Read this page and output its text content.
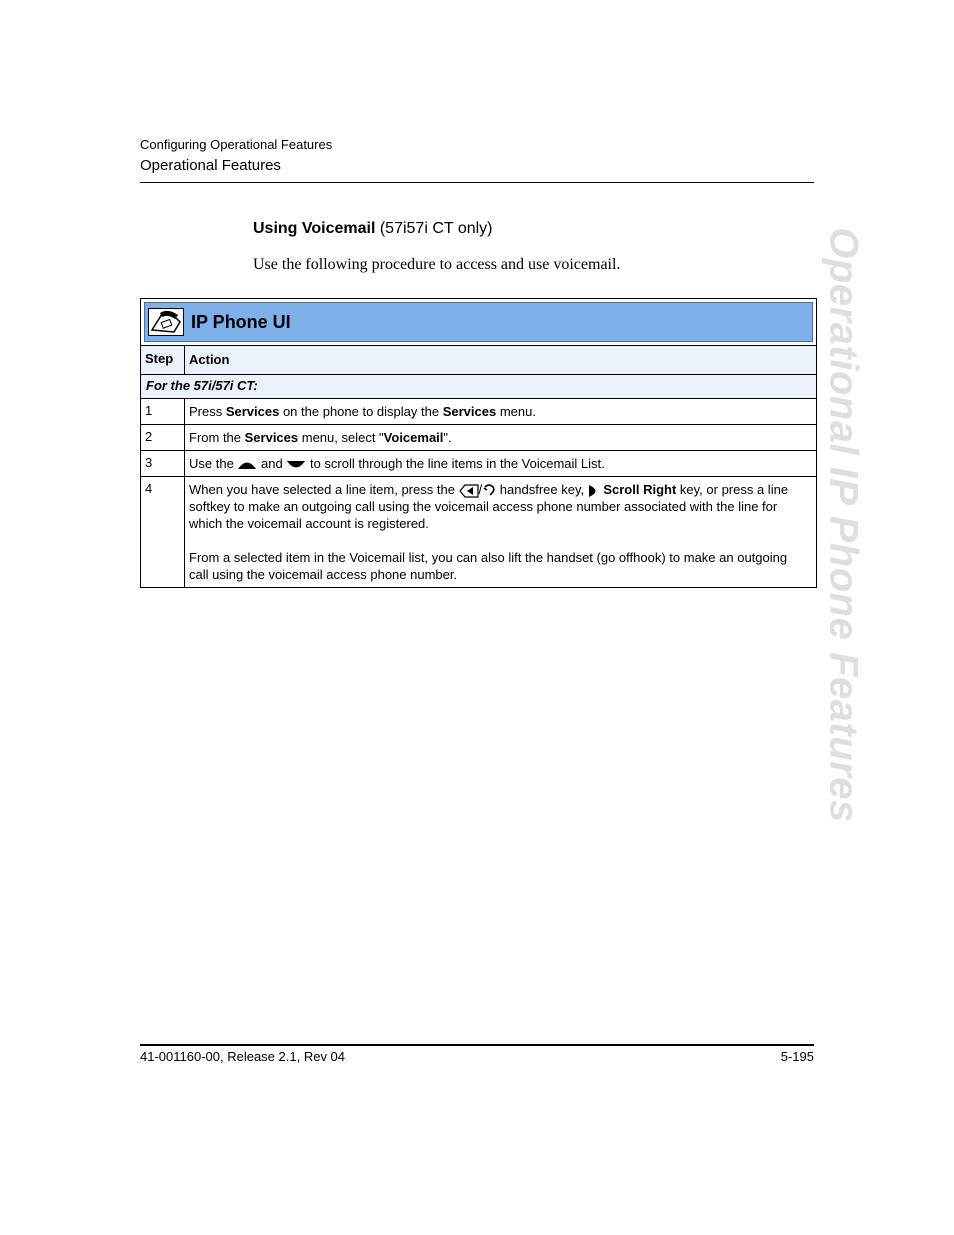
Configuring Operational Features
Operational Features
Using Voicemail (57i57i CT only)
Use the following procedure to access and use voicemail.	Operational IP Phone Features
IP Phone UI
Step	Action
For the 57i/57i CT:
1	Press Services on the phone to display the Services menu.
2	From the Services menu, select "Voicemail".
3	Use the  and  to scroll through the line items in the Voicemail List.
4	When you have selected a line item, press the / handsfree key,  Scroll Right key, or press a line softkey to make an outgoing call using the voicemail access phone number associated with the line for which the voicemail account is registered.

From a selected item in the Voicemail list, you can also lift the handset (go offhook) to make an outgoing call using the voicemail access phone number.

41-001160-00, Release 2.1, Rev 04	5-195
